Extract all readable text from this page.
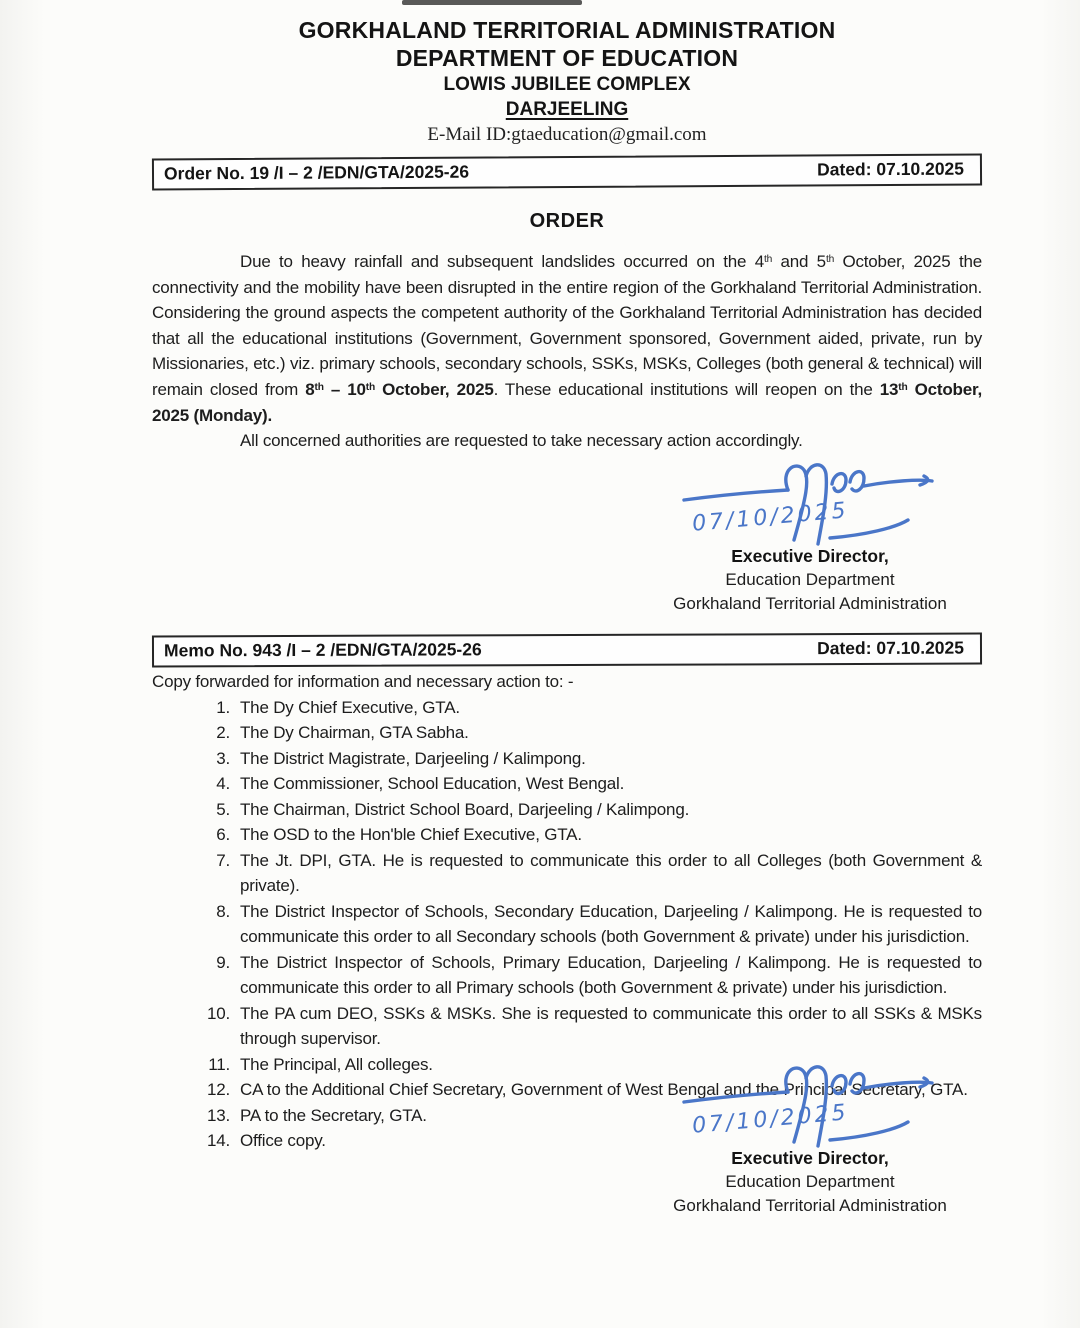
GORKHALAND TERRITORIAL ADMINISTRATION
DEPARTMENT OF EDUCATION
LOWIS JUBILEE COMPLEX
DARJEELING
E-Mail ID:gtaeducation@gmail.com
Order No. 19 /I – 2 /EDN/GTA/2025-26	Dated: 07.10.2025
ORDER

Due to heavy rainfall and subsequent landslides occurred on the 4th and 5th October, 2025 the connectivity and the mobility have been disrupted in the entire region of the Gorkhaland Territorial Administration. Considering the ground aspects the competent authority of the Gorkhaland Territorial Administration has decided that all the educational institutions (Government, Government sponsored, Government aided, private, run by Missionaries, etc.) viz. primary schools, secondary schools, SSKs, MSKs, Colleges (both general & technical) will remain closed from 8th – 10th October, 2025. These educational institutions will reopen on the 13th October, 2025 (Monday).

All concerned authorities are requested to take necessary action accordingly.

07/10/2025
Executive Director,
Education Department
Gorkhaland Territorial Administration
Memo No. 943 /I – 2 /EDN/GTA/2025-26	Dated: 07.10.2025
Copy forwarded for information and necessary action to: -
1. The Dy Chief Executive, GTA.
2. The Dy Chairman, GTA Sabha.
3. The District Magistrate, Darjeeling / Kalimpong.
4. The Commissioner, School Education, West Bengal.
5. The Chairman, District School Board, Darjeeling / Kalimpong.
6. The OSD to the Hon'ble Chief Executive, GTA.
7. The Jt. DPI, GTA. He is requested to communicate this order to all Colleges (both Government & private).
8. The District Inspector of Schools, Secondary Education, Darjeeling / Kalimpong. He is requested to communicate this order to all Secondary schools (both Government & private) under his jurisdiction.
9. The District Inspector of Schools, Primary Education, Darjeeling / Kalimpong. He is requested to communicate this order to all Primary schools (both Government & private) under his jurisdiction.
10. The PA cum DEO, SSKs & MSKs. She is requested to communicate this order to all SSKs & MSKs through supervisor.
11. The Principal, All colleges.
12. CA to the Additional Chief Secretary, Government of West Bengal and the Principal Secretary, GTA.
13. PA to the Secretary, GTA.
14. Office copy.
07/10/2025
Executive Director,
Education Department
Gorkhaland Territorial Administration
